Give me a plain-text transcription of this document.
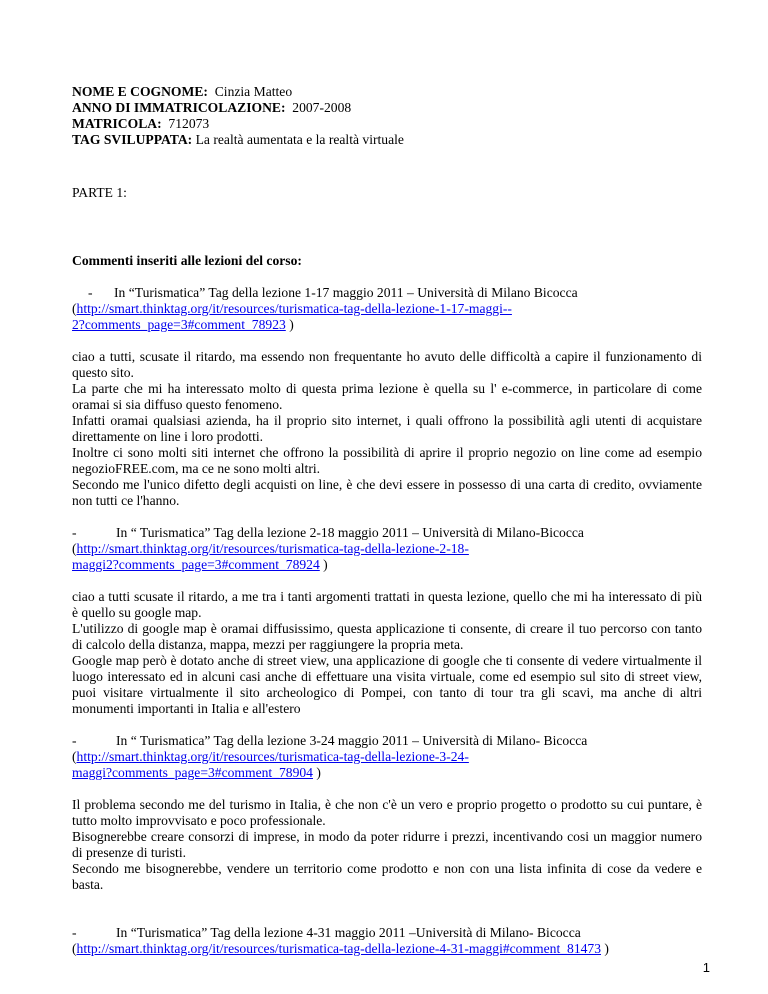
NOME E COGNOME: Cinzia Matteo

ANNO DI IMMATRICOLAZIONE: 2007-2008

MATRICOLA: 712073

TAG SVILUPPATA: La realtà aumentata e la realtà virtuale

PARTE 1:

Commenti inseriti alle lezioni del corso:

- In “Turismatica” Tag della lezione 1-17 maggio 2011 – Università di Milano Bicocca

(http://smart.thinktag.org/it/resources/turismatica-tag-della-lezione-1-17-maggi--

2?comments_page=3#comment_78923 )

ciao a tutti, scusate il ritardo, ma essendo non frequentante ho avuto delle difficoltà a capire il funzionamento di questo sito.

La parte che mi ha interessato molto di questa prima lezione è quella su l' e-commerce, in particolare di come oramai si sia diffuso questo fenomeno.

Infatti oramai qualsiasi azienda, ha il proprio sito internet, i quali offrono la possibilità agli utenti di acquistare direttamente on line i loro prodotti.

Inoltre ci sono molti siti internet che offrono la possibilità di aprire il proprio negozio on line come ad esempio negozioFREE.com, ma ce ne sono molti altri.

Secondo me l'unico difetto degli acquisti on line, è che devi essere in possesso di una carta di credito, ovviamente non tutti ce l'hanno.

-	In “ Turismatica” Tag della lezione 2-18 maggio 2011 – Università di Milano-Bicocca

(http://smart.thinktag.org/it/resources/turismatica-tag-della-lezione-2-18-

maggi2?comments_page=3#comment_78924 )

ciao a tutti scusate il ritardo, a me tra i tanti argomenti trattati in questa lezione, quello che mi ha interessato di più è quello su google map.

L'utilizzo di google map è oramai diffusissimo, questa applicazione ti consente, di creare il tuo percorso con tanto di calcolo della distanza, mappa, mezzi per raggiungere la propria meta.

Google map però è dotato anche di street view, una applicazione di google che ti consente di vedere virtualmente il luogo interessato ed in alcuni casi anche di effettuare una visita virtuale, come ed esempio sul sito di street view, puoi visitare virtualmente il sito archeologico di Pompei, con tanto di tour tra gli scavi, ma anche di altri monumenti importanti in Italia e all'estero

-	In “ Turismatica” Tag della lezione 3-24 maggio 2011 – Università di Milano- Bicocca

(http://smart.thinktag.org/it/resources/turismatica-tag-della-lezione-3-24-

maggi?comments_page=3#comment_78904 )

Il problema secondo me del turismo in Italia, è che non c'è un vero e proprio progetto o prodotto su cui puntare, è tutto molto improvvisato e poco professionale.

Bisognerebbe creare consorzi di imprese, in modo da poter ridurre i prezzi, incentivando cosi un maggior numero di presenze di turisti.

Secondo me bisognerebbe, vendere un territorio come prodotto e non con una lista infinita di cose da vedere e basta.

-	In “Turismatica” Tag della lezione 4-31 maggio 2011 –Università di Milano- Bicocca

(http://smart.thinktag.org/it/resources/turismatica-tag-della-lezione-4-31-maggi#comment_81473 )

1
